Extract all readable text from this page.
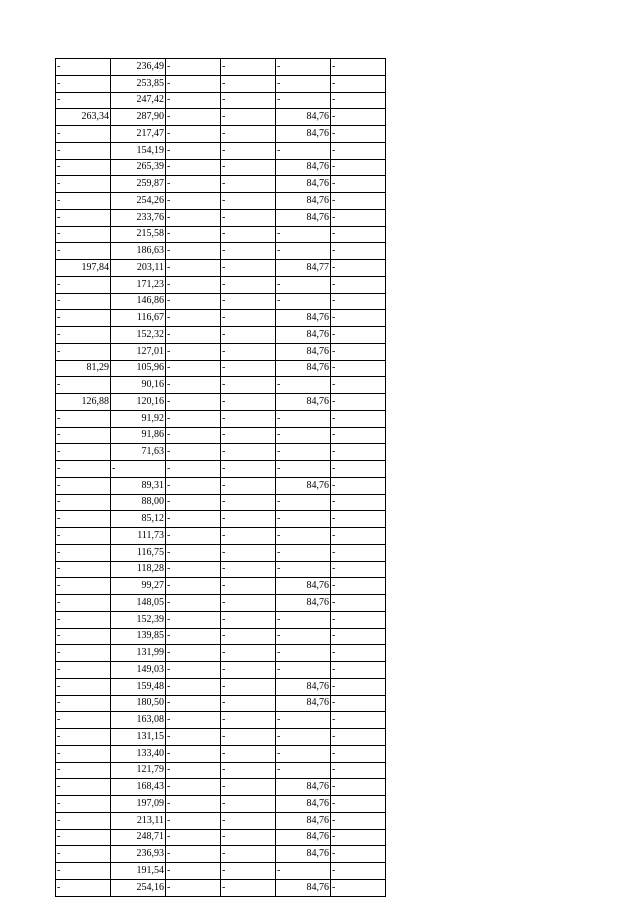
-	236,49	-	-	-	-
-	253,85	-	-	-	-
-	247,42	-	-	-	-
263,34	287,90	-	-	84,76	-
-	217,47	-	-	84,76	-
-	154,19	-	-	-	-
-	265,39	-	-	84,76	-
-	259,87	-	-	84,76	-
-	254,26	-	-	84,76	-
-	233,76	-	-	84,76	-
-	215,58	-	-	-	-
-	186,63	-	-	-	-
197,84	203,11	-	-	84,77	-
-	171,23	-	-	-	-
-	146,86	-	-	-	-
-	116,67	-	-	84,76	-
-	152,32	-	-	84,76	-
-	127,01	-	-	84,76	-
81,29	105,96	-	-	84,76	-
-	90,16	-	-	-	-
126,88	120,16	-	-	84,76	-
-	91,92	-	-	-	-
-	91,86	-	-	-	-
-	71,63	-	-	-	-
-	-	-	-	-	-
-	89,31	-	-	84,76	-
-	88,00	-	-	-	-
-	85,12	-	-	-	-
-	111,73	-	-	-	-
-	116,75	-	-	-	-
-	118,28	-	-	-	-
-	99,27	-	-	84,76	-
-	148,05	-	-	84,76	-
-	152,39	-	-	-	-
-	139,85	-	-	-	-
-	131,99	-	-	-	-
-	149,03	-	-	-	-
-	159,48	-	-	84,76	-
-	180,50	-	-	84,76	-
-	163,08	-	-	-	-
-	131,15	-	-	-	-
-	133,40	-	-	-	-
-	121,79	-	-	-	-
-	168,43	-	-	84,76	-
-	197,09	-	-	84,76	-
-	213,11	-	-	84,76	-
-	248,71	-	-	84,76	-
-	236,93	-	-	84,76	-
-	191,54	-	-	-	-
-	254,16	-	-	84,76	-
